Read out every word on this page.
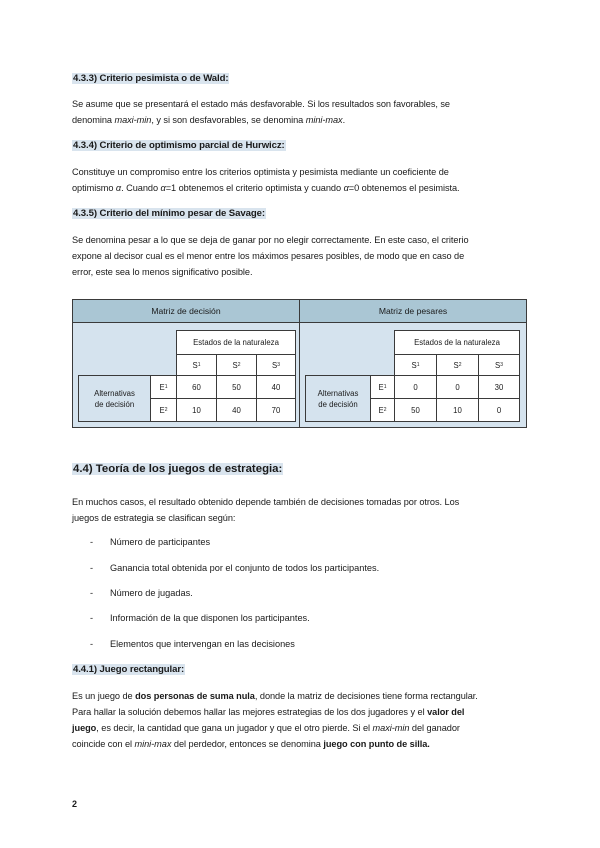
4.3.3) Criterio pesimista o de Wald:
Se asume que se presentará el estado más desfavorable. Si los resultados son favorables, se
denomina maxi-min, y si son desfavorables, se denomina mini-max.
4.3.4) Criterio de optimismo parcial de Hurwicz:
Constituye un compromiso entre los criterios optimista y pesimista mediante un coeficiente de
optimismo α. Cuando α=1 obtenemos el criterio optimista y cuando α=0 obtenemos el pesimista.
4.3.5) Criterio del mínimo pesar de Savage:
Se denomina pesar a lo que se deja de ganar por no elegir correctamente. En este caso, el criterio
expone al decisor cual es el menor entre los máximos pesares posibles, de modo que en caso de
error, este sea lo menos significativo posible.
Matriz de decisión
Estados de la naturaleza
S 1	S 2	S 3
Alternativas
de decisión
E 1	60	50	40
E 2	10	40	70
Matriz de pesares
Estados de la naturaleza
S 1	S 2	S 3
Alternativas
de decisión
E 1	0	0	30
E 2	50	10	0
4.4) Teoría de los juegos de estrategia:
En muchos casos, el resultado obtenido depende también de decisiones tomadas por otros. Los
juegos de estrategia se clasifican según:
- Número de participantes
- Ganancia total obtenida por el conjunto de todos los participantes.
- Número de jugadas.
- Información de la que disponen los participantes.
- Elementos que intervengan en las decisiones
4.4.1) Juego rectangular:
Es un juego de dos personas de suma nula, donde la matriz de decisiones tiene forma rectangular.
Para hallar la solución debemos hallar las mejores estrategias de los dos jugadores y el valor del
juego, es decir, la cantidad que gana un jugador y que el otro pierde. Si el maxi-min del ganador
coincide con el mini-max del perdedor, entonces se denomina juego con punto de silla.
2
